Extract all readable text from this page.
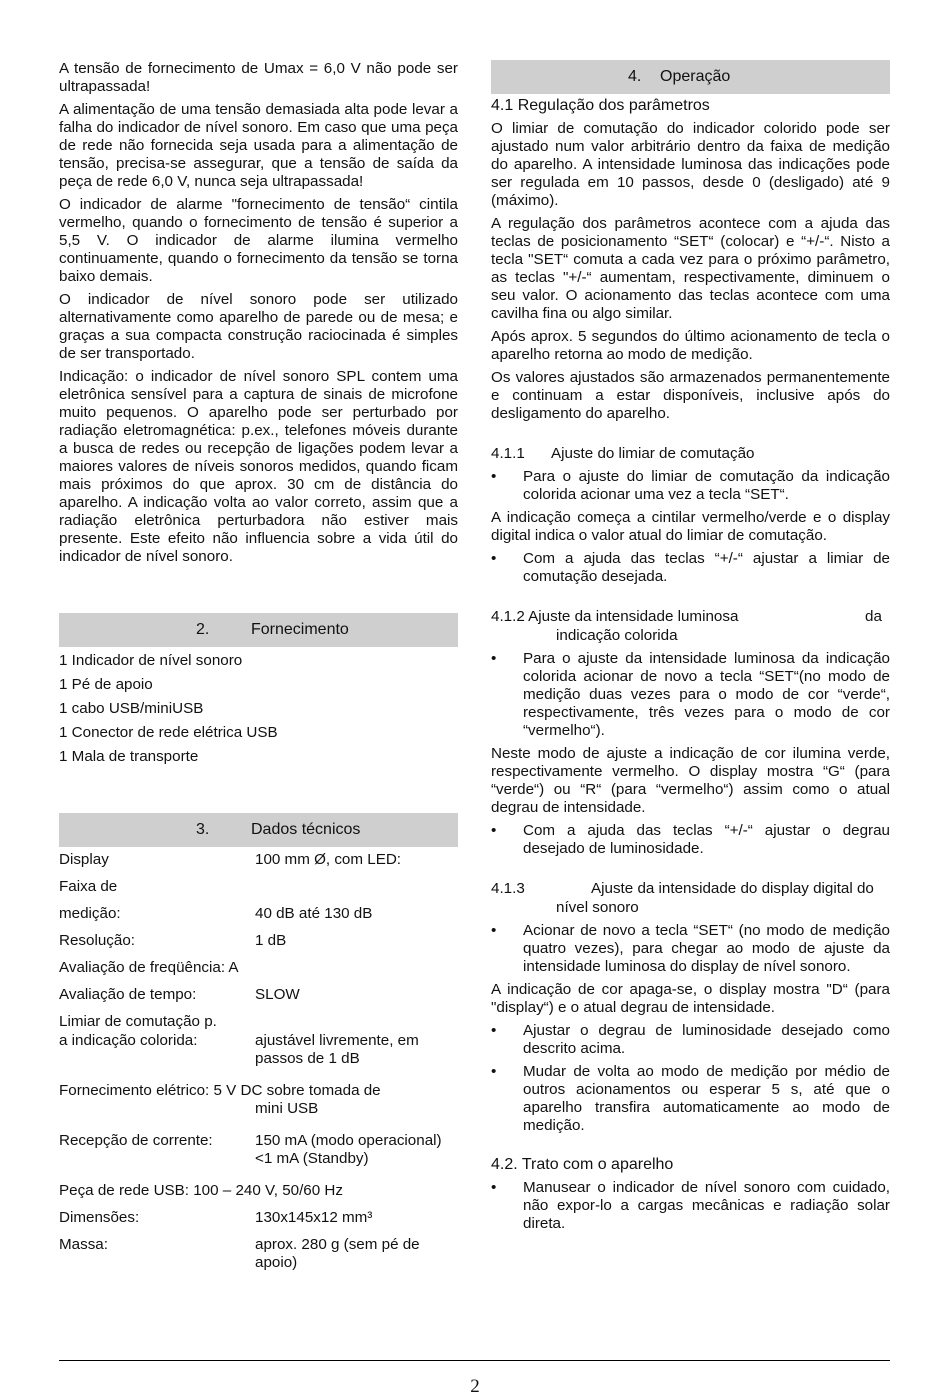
A tensão de fornecimento de Umax = 6,0 V não pode ser ultrapassada!

A alimentação de uma tensão demasiada alta pode levar a falha do indicador de nível sonoro. Em caso que uma peça de rede não fornecida seja usada para a alimentação de tensão, precisa-se assegurar, que a tensão de saída da peça de rede 6,0 V, nunca seja ultrapassada!

O indicador de alarme "fornecimento de tensão“ cintila vermelho, quando o fornecimento de tensão é superior a 5,5 V. O indicador de alarme ilumina vermelho continuamente, quando o fornecimento da tensão se torna baixo demais.

O indicador de nível sonoro pode ser utilizado alternativamente como aparelho de parede ou de mesa; e graças a sua compacta construção raciocinada é simples de ser transportado.

Indicação: o indicador de nível sonoro SPL contem uma eletrônica sensível para a captura de sinais de microfone muito pequenos. O aparelho pode ser perturbado por radiação eletromagnética: p.ex., telefones móveis durante a busca de redes ou recepção de ligações podem levar a maiores valores de níveis sonoros medidos, quando ficam mais próximos do que aprox. 30 cm de distância do aparelho. A indicação volta ao valor correto, assim que a radiação eletrônica perturbadora não estiver mais presente. Este efeito não influencia sobre a vida útil do indicador de nível sonoro.

2.	Fornecimento
1 Indicador de nível sonoro
1 Pé de apoio
1 cabo USB/miniUSB
1 Conector de rede elétrica USB
1 Mala de transporte
3.	Dados técnicos
Display	100 mm Ø, com LED:
Faixa de
medição:	40 dB até 130 dB
Resolução:	1 dB
Avaliação de freqüência: A
Avaliação de tempo:	SLOW
Limiar de comutação p.
a indicação colorida:	ajustável livremente, em passos de 1 dB
Fornecimento elétrico: 5 V DC sobre tomada de
mini USB
Recepção de corrente:	150 mA (modo operacional) <1 mA (Standby)
Peça de rede USB: 100 – 240 V, 50/60 Hz
Dimensões:	130x145x12 mm³
Massa:	aprox. 280 g (sem pé de apoio)
4. Operação
4.1 Regulação dos parâmetros

O limiar de comutação do indicador colorido pode ser ajustado num valor arbitrário dentro da faixa de medição do aparelho. A intensidade luminosa das indicações pode ser regulada em 10 passos, desde 0 (desligado) até 9 (máximo).

A regulação dos parâmetros acontece com a ajuda das teclas de posicionamento “SET“ (colocar) e “+/-“. Nisto a tecla "SET“ comuta a cada vez para o próximo parâmetro, as teclas "+/-“ aumentam, respectivamente, diminuem o seu valor. O acionamento das teclas acontece com uma cavilha fina ou algo similar.

Após aprox. 5 segundos do último acionamento de tecla o aparelho retorna ao modo de medição.

Os valores ajustados são armazenados permanentemente e continuam a estar disponíveis, inclusive após do desligamento do aparelho.

4.1.1 Ajuste do limiar de comutação
• Para o ajuste do limiar de comutação da indicação colorida acionar uma vez a tecla “SET“.

A indicação começa a cintilar vermelho/verde e o display digital indica o valor atual do limiar de comutação.

• Com a ajuda das teclas “+/-“ ajustar a limiar de comutação desejada.
4.1.2 Ajuste da intensidade luminosa	da
indicação colorida
• Para o ajuste da intensidade luminosa da indicação colorida acionar de novo a tecla “SET“(no modo de medição duas vezes para o modo de cor “verde“, respectivamente, três vezes para o modo de cor “vermelho“).

Neste modo de ajuste a indicação de cor ilumina verde, respectivamente vermelho. O display mostra “G“ (para “verde“) ou “R“ (para “vermelho“) assim como o atual degrau de intensidade.

• Com a ajuda das teclas “+/-“ ajustar o degrau desejado de luminosidade.
4.1.3	Ajuste da intensidade do display digital do
nível sonoro
• Acionar de novo a tecla “SET“ (no modo de medição quatro vezes), para chegar ao modo de ajuste da intensidade luminosa do display de nível sonoro.

A indicação de cor apaga-se, o display mostra "D“ (para "display“) e o atual degrau de intensidade.

• Ajustar o degrau de luminosidade desejado como descrito acima.
• Mudar de volta ao modo de medição por médio de outros acionamentos ou esperar 5 s, até que o aparelho transfira automaticamente ao modo de medição.
4.2. Trato com o aparelho
• Manusear o indicador de nível sonoro com cuidado, não expor-lo a cargas mecânicas e radiação solar direta.
2
